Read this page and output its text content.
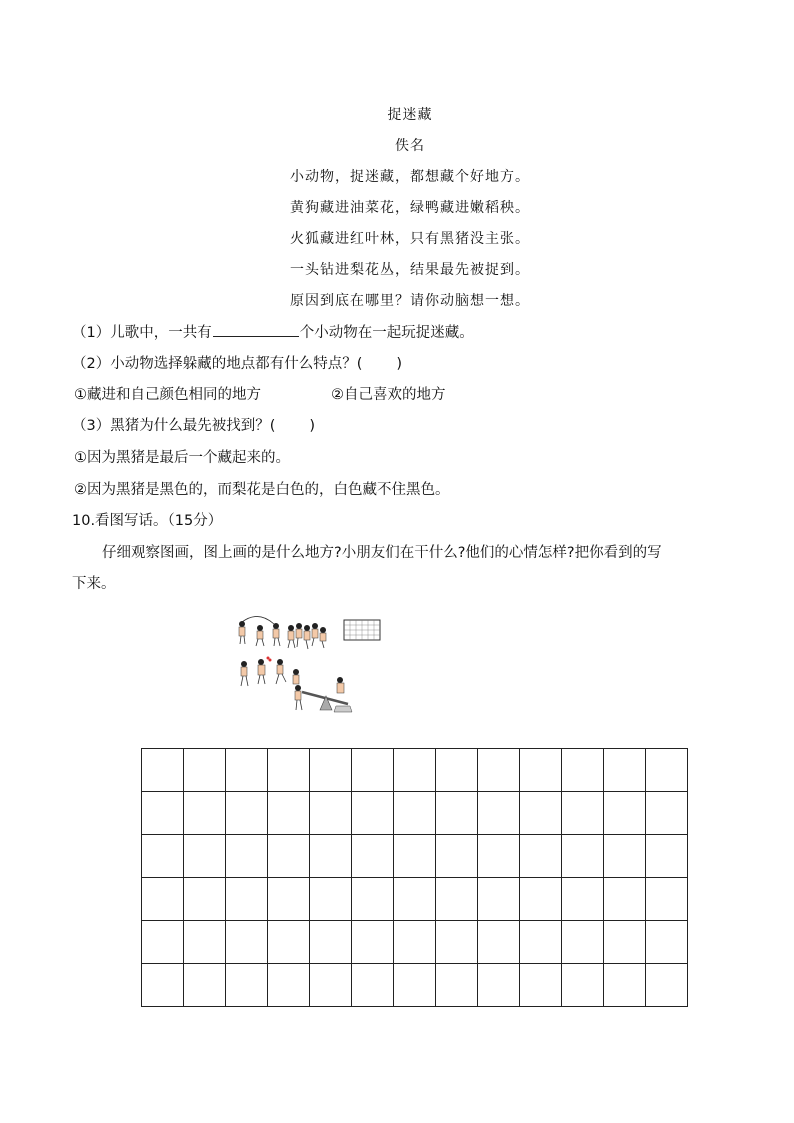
捉迷藏
佚名
小动物，捉迷藏，都想藏个好地方。
黄狗藏进油菜花，绿鸭藏进嫩稻秧。
火狐藏进红叶林，只有黑猪没主张。
一头钻进梨花丛，结果最先被捉到。
原因到底在哪里？请你动脑想一想。
（1）儿歌中，一共有	个小动物在一起玩捉迷藏。
（2）小动物选择躲藏的地点都有什么特点？( )
①藏进和自己颜色相同的地方	②自己喜欢的地方
（3）黑猪为什么最先被找到？( )
①因为黑猪是最后一个藏起来的。
②因为黑猪是黑色的，而梨花是白色的，白色藏不住黑色。
10.看图写话。（15分）
仔细观察图画，图上画的是什么地方?小朋友们在干什么?他们的心情怎样?把你看到的写
下来。
